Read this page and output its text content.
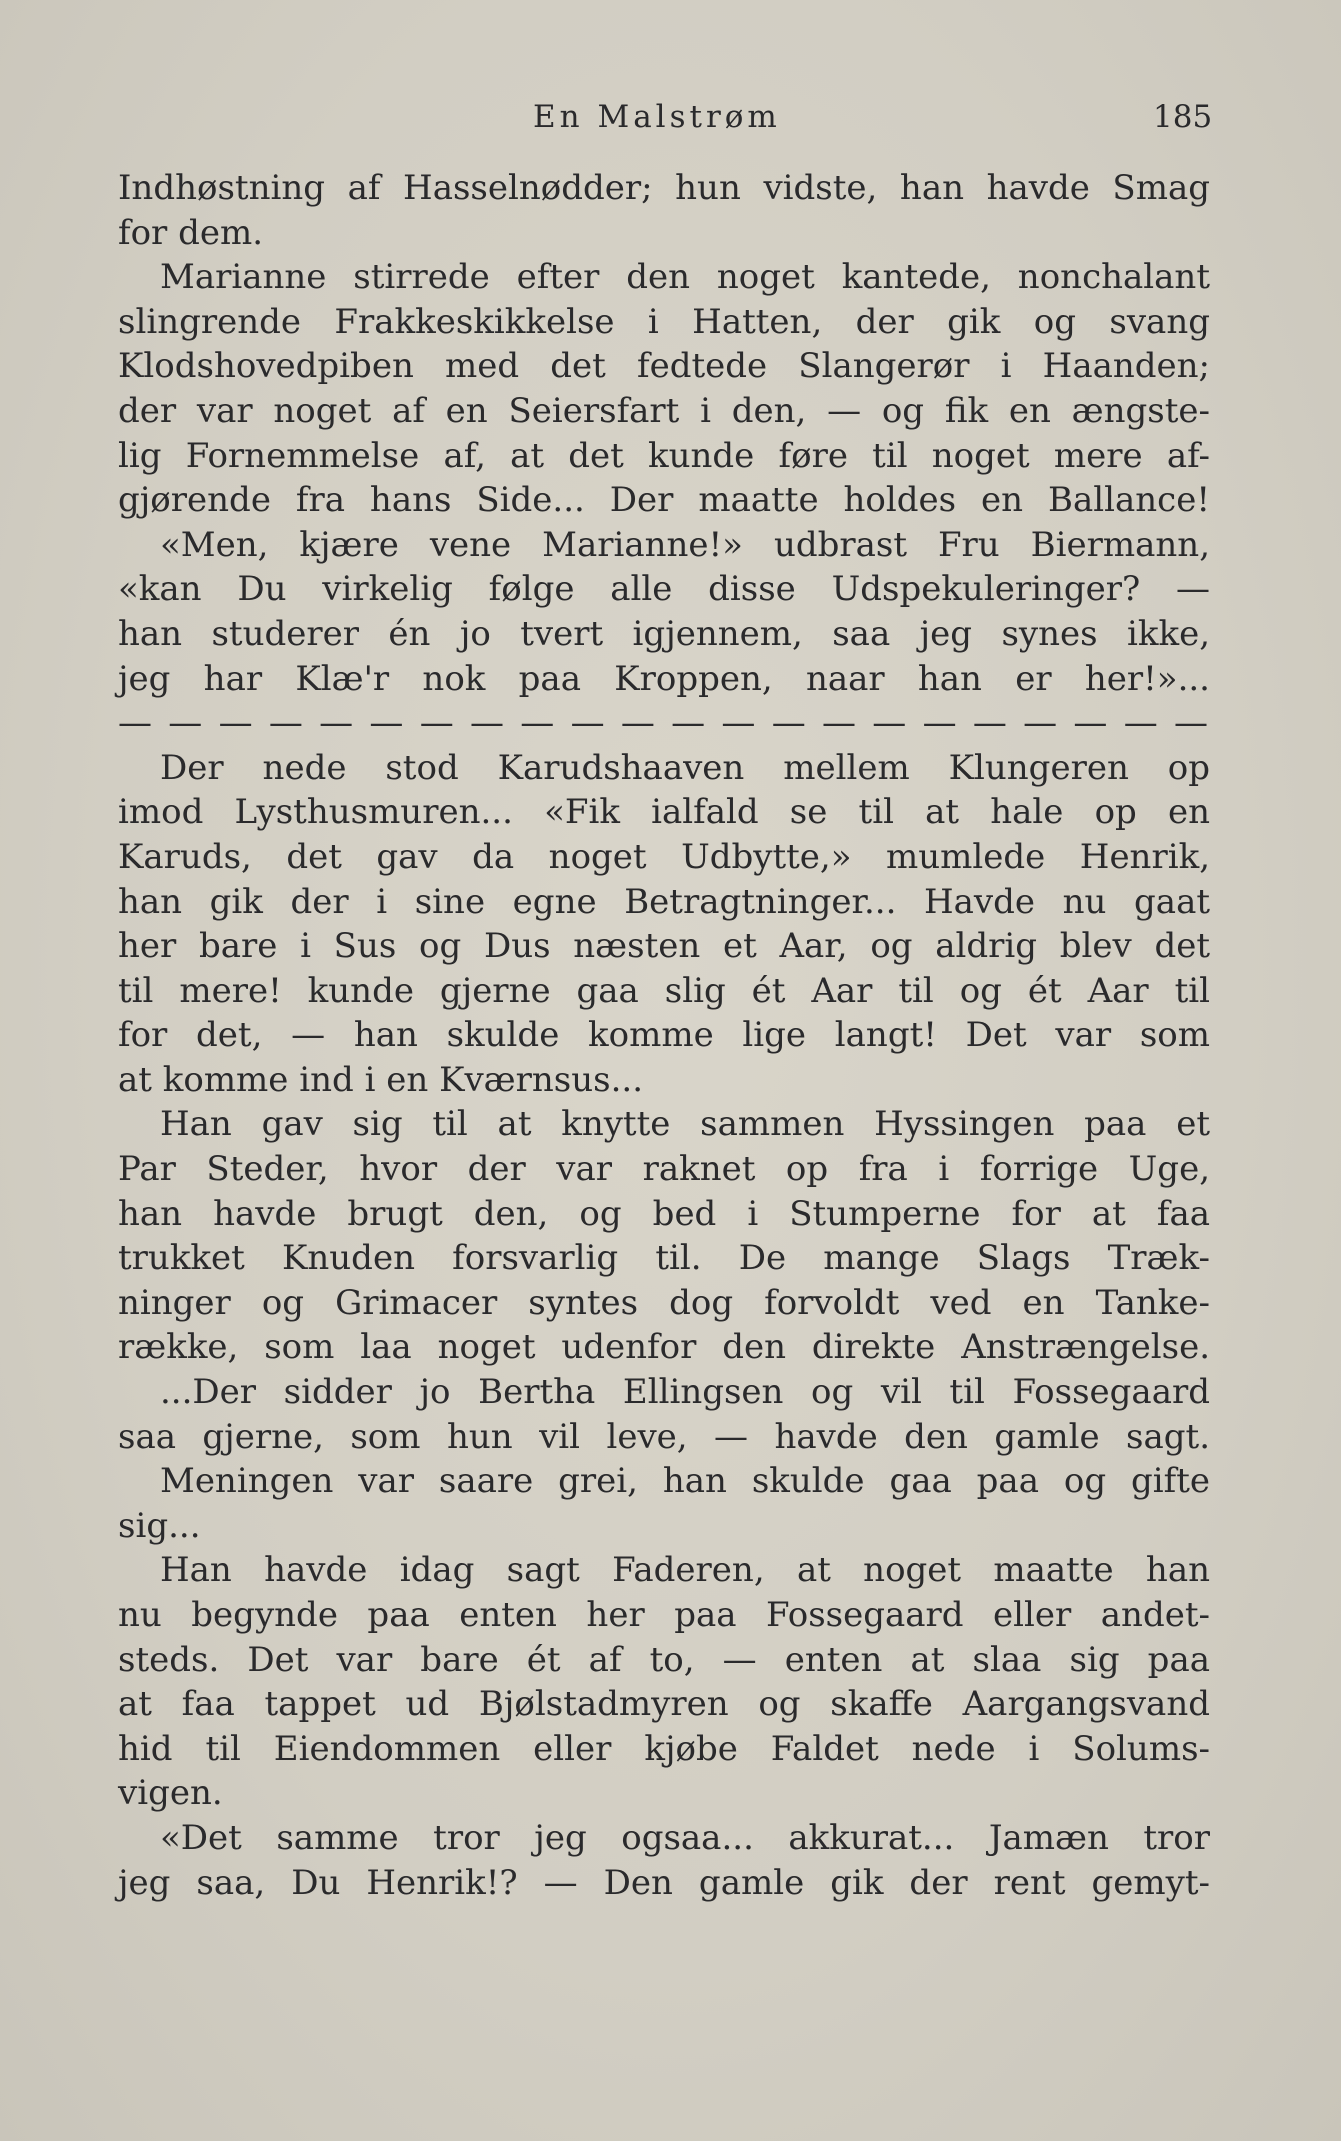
En Malstrøm	185
Indhøstning af Hasselnødder; hun vidste, han havde Smag
for dem.
Marianne stirrede efter den noget kantede, nonchalant
slingrende Frakkeskikkelse i Hatten, der gik og svang
Klodshovedpiben med det fedtede Slangerør i Haanden;
der var noget af en Seiersfart i den, — og fik en ængste-
lig Fornemmelse af, at det kunde føre til noget mere af-
gjørende fra hans Side... Der maatte holdes en Ballance!
«Men, kjære vene Marianne!» udbrast Fru Biermann,
«kan Du virkelig følge alle disse Udspekuleringer? —
han studerer én jo tvert igjennem, saa jeg synes ikke,
jeg har Klæ'r nok paa Kroppen, naar han er her!»...
— — — — — — — — — — — — — — — — — — — — — —
Der nede stod Karudshaaven mellem Klungeren op
imod Lysthusmuren... «Fik ialfald se til at hale op en
Karuds, det gav da noget Udbytte,» mumlede Henrik,
han gik der i sine egne Betragtninger... Havde nu gaat
her bare i Sus og Dus næsten et Aar, og aldrig blev det
til mere! kunde gjerne gaa slig ét Aar til og ét Aar til
for det, — han skulde komme lige langt! Det var som
at komme ind i en Kværnsus...
Han gav sig til at knytte sammen Hyssingen paa et
Par Steder, hvor der var raknet op fra i forrige Uge,
han havde brugt den, og bed i Stumperne for at faa
trukket Knuden forsvarlig til. De mange Slags Træk-
ninger og Grimacer syntes dog forvoldt ved en Tanke-
række, som laa noget udenfor den direkte Anstrængelse.
...Der sidder jo Bertha Ellingsen og vil til Fossegaard
saa gjerne, som hun vil leve, — havde den gamle sagt.
Meningen var saare grei, han skulde gaa paa og gifte
sig...
Han havde idag sagt Faderen, at noget maatte han
nu begynde paa enten her paa Fossegaard eller andet-
steds. Det var bare ét af to, — enten at slaa sig paa
at faa tappet ud Bjølstadmyren og skaffe Aargangsvand
hid til Eiendommen eller kjøbe Faldet nede i Solums-
vigen.
«Det samme tror jeg ogsaa... akkurat... Jamæn tror
jeg saa, Du Henrik!? — Den gamle gik der rent gemyt-
